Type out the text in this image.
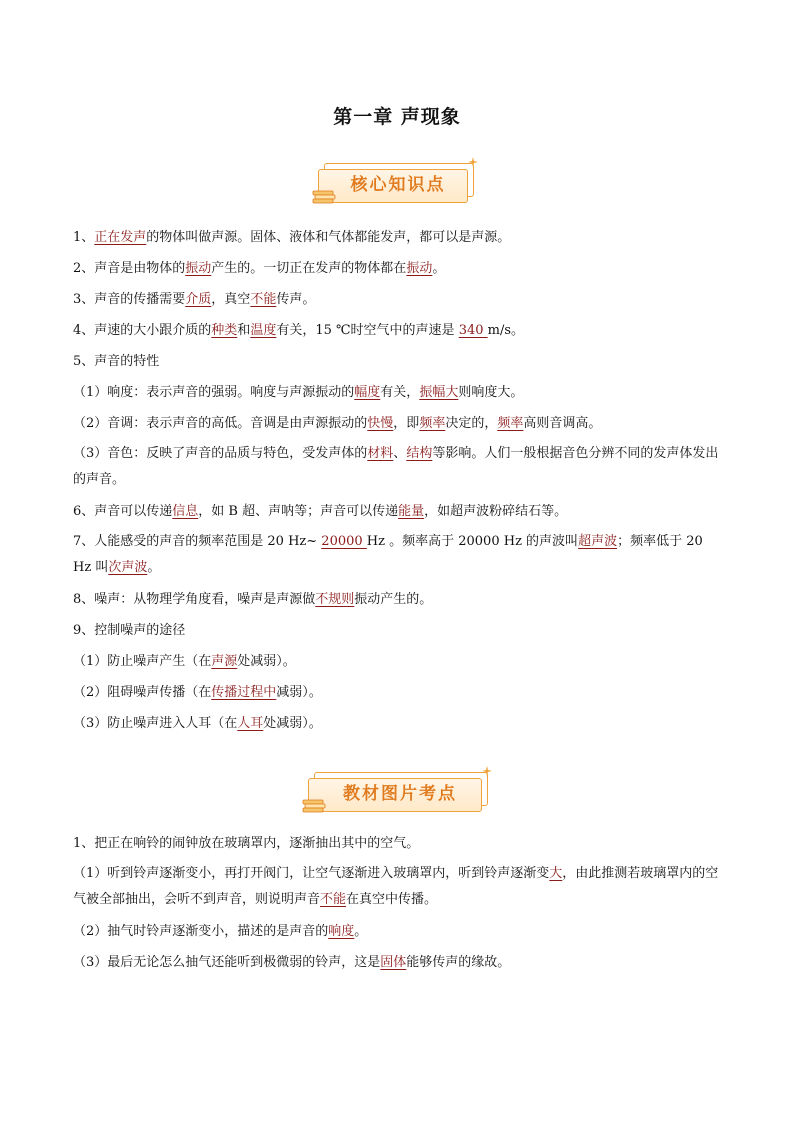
第一章 声现象
核心知识点

1、正在发声的物体叫做声源。固体、液体和气体都能发声，都可以是声源。

2、声音是由物体的振动产生的。一切正在发声的物体都在振动。

3、声音的传播需要介质，真空不能传声。

4、声速的大小跟介质的种类和温度有关，15 ℃时空气中的声速是 340 m/s。

5、声音的特性

（1）响度：表示声音的强弱。响度与声源振动的幅度有关，振幅大则响度大。

（2）音调：表示声音的高低。音调是由声源振动的快慢，即频率决定的，频率高则音调高。

（3）音色：反映了声音的品质与特色，受发声体的材料、结构等影响。人们一般根据音色分辨不同的发声体发出的声音。

6、声音可以传递信息，如 B 超、声呐等；声音可以传递能量，如超声波粉碎结石等。

7、人能感受的声音的频率范围是 20 Hz~ 20000 Hz 。频率高于 20000 Hz 的声波叫超声波；频率低于 20 Hz 叫次声波。

8、噪声：从物理学角度看，噪声是声源做不规则振动产生的。

9、控制噪声的途径

（1）防止噪声产生（在声源处减弱）。

（2）阻碍噪声传播（在传播过程中减弱）。

（3）防止噪声进入人耳（在人耳处减弱）。

教材图片考点

1、把正在响铃的闹钟放在玻璃罩内，逐渐抽出其中的空气。

（1）听到铃声逐渐变小，再打开阀门，让空气逐渐进入玻璃罩内，听到铃声逐渐变大，由此推测若玻璃罩内的空气被全部抽出，会听不到声音，则说明声音不能在真空中传播。

（2）抽气时铃声逐渐变小，描述的是声音的响度。

（3）最后无论怎么抽气还能听到极微弱的铃声，这是固体能够传声的缘故。
